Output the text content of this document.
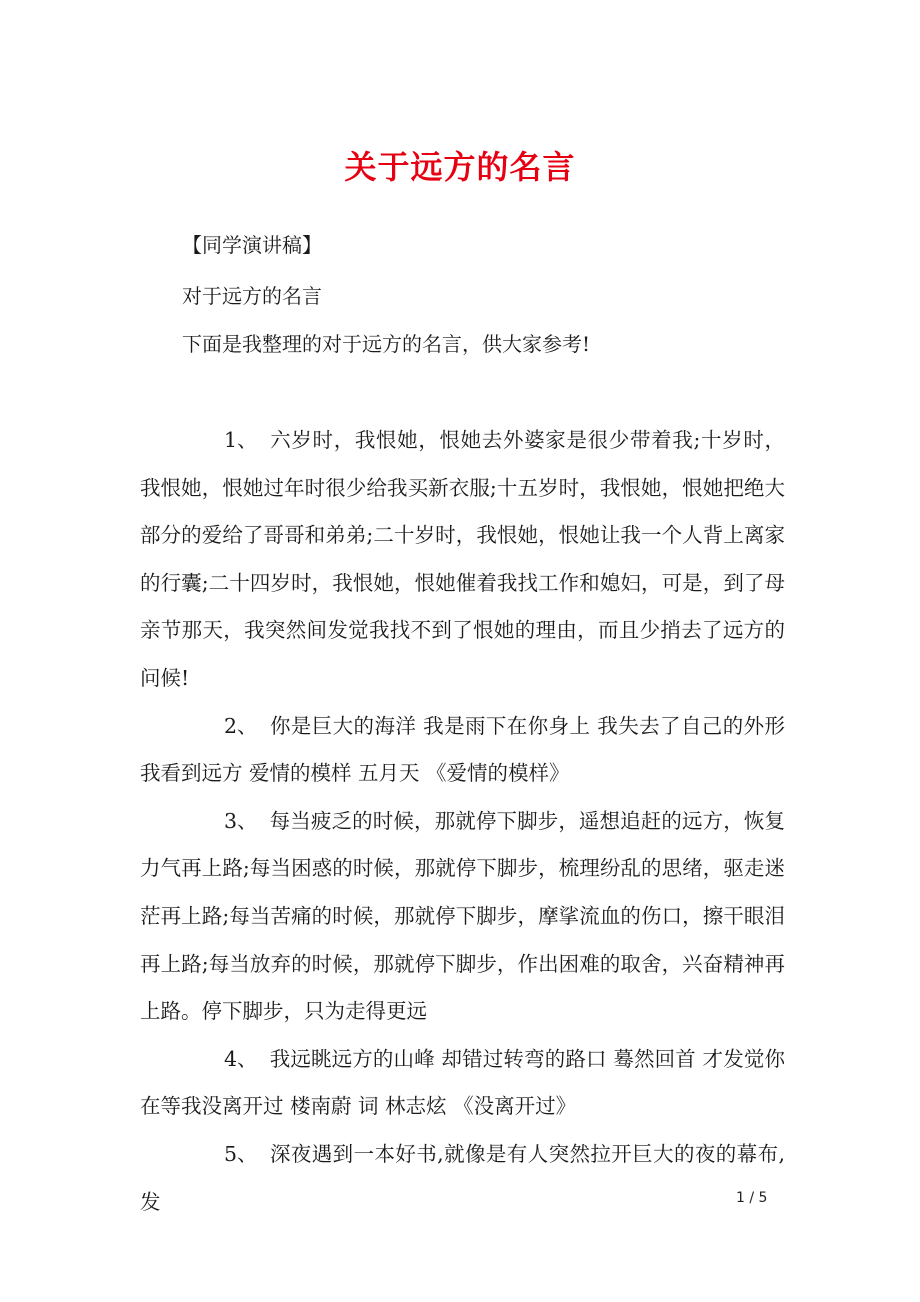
关于远方的名言
【同学演讲稿】
对于远方的名言
下面是我整理的对于远方的名言，供大家参考!

1、 六岁时，我恨她，恨她去外婆家是很少带着我;十岁时，我恨她，恨她过年时很少给我买新衣服;十五岁时，我恨她，恨她把绝大部分的爱给了哥哥和弟弟;二十岁时，我恨她，恨她让我一个人背上离家的行囊;二十四岁时，我恨她，恨她催着我找工作和媳妇，可是，到了母亲节那天，我突然间发觉我找不到了恨她的理由，而且少捎去了远方的问候!

2、 你是巨大的海洋 我是雨下在你身上 我失去了自己的外形 我看到远方 爱情的模样 五月天 《爱情的模样》

3、 每当疲乏的时候，那就停下脚步，遥想追赶的远方，恢复力气再上路;每当困惑的时候，那就停下脚步，梳理纷乱的思绪，驱走迷茫再上路;每当苦痛的时候，那就停下脚步，摩挲流血的伤口，擦干眼泪再上路;每当放弃的时候，那就停下脚步，作出困难的取舍，兴奋精神再上路。停下脚步，只为走得更远

4、 我远眺远方的山峰 却错过转弯的路口 蓦然回首 才发觉你在等我没离开过 楼南蔚 词 林志炫 《没离开过》

5、 深夜遇到一本好书,就像是有人突然拉开巨大的夜的幕布,发	1 / 5
